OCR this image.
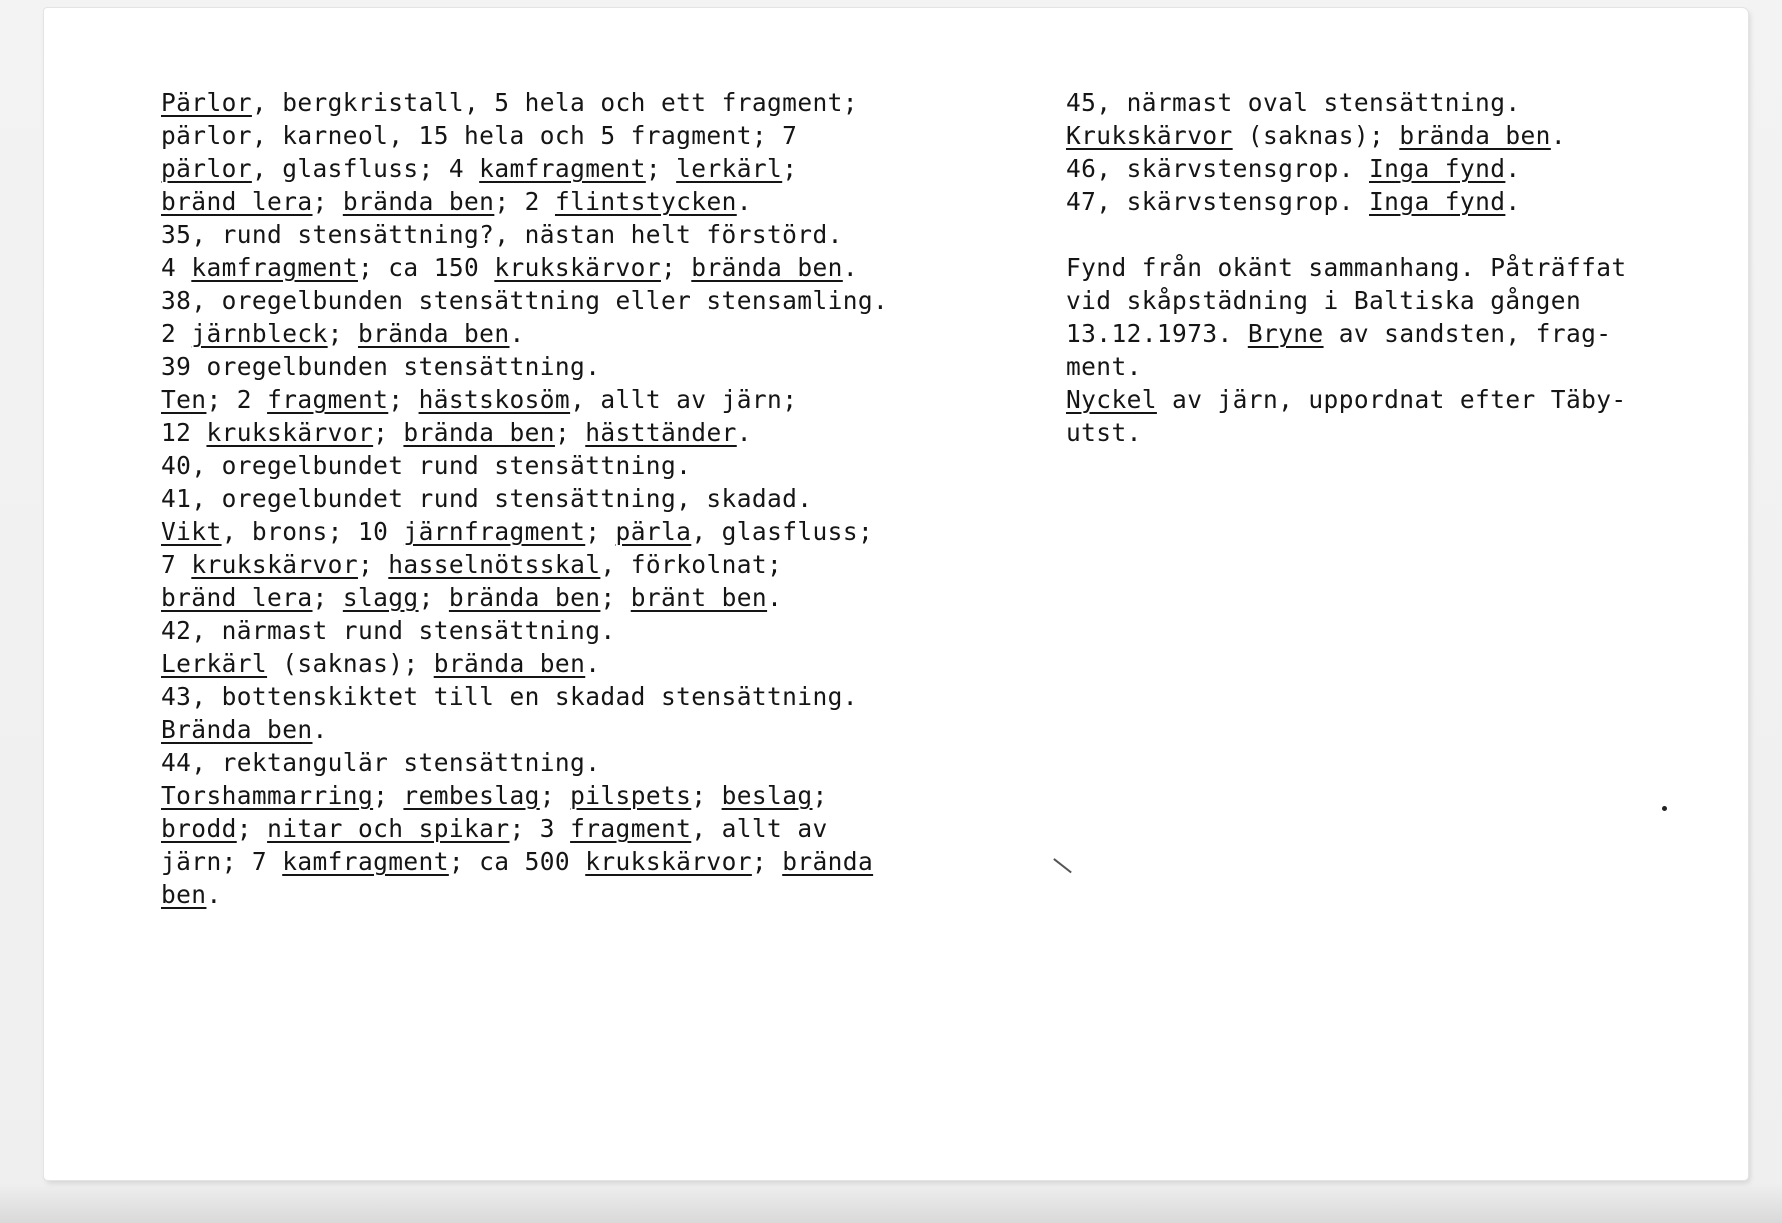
Pärlor, bergkristall, 5 hela och ett fragment;
pärlor, karneol, 15 hela och 5 fragment; 7
pärlor, glasfluss; 4 kamfragment; lerkärl;
bränd lera; brända ben; 2 flintstycken.
35, rund stensättning?, nästan helt förstörd.
4 kamfragment; ca 150 krukskärvor; brända ben.
38, oregelbunden stensättning eller stensamling.
2 järnbleck; brända ben.
39 oregelbunden stensättning.
Ten; 2 fragment; hästskosöm, allt av järn;
12 krukskärvor; brända ben; hästtänder.
40, oregelbundet rund stensättning.
41, oregelbundet rund stensättning, skadad.
Vikt, brons; 10 järnfragment; pärla, glasfluss;
7 krukskärvor; hasselnötsskal, förkolnat;
bränd lera; slagg; brända ben; bränt ben.
42, närmast rund stensättning.
Lerkärl (saknas); brända ben.
43, bottenskiktet till en skadad stensättning.
Brända ben.
44, rektangulär stensättning.
Torshammarring; rembeslag; pilspets; beslag;
brodd; nitar och spikar; 3 fragment, allt av
järn; 7 kamfragment; ca 500 krukskärvor; brända
ben.
45, närmast oval stensättning.
Krukskärvor (saknas); brända ben.
46, skärvstensgrop. Inga fynd.
47, skärvstensgrop. Inga fynd.
Fynd från okänt sammanhang. Påträffat
vid skåpstädning i Baltiska gången
13.12.1973. Bryne av sandsten, frag-
ment.
Nyckel av järn, uppordnat efter Täby-
utst.
